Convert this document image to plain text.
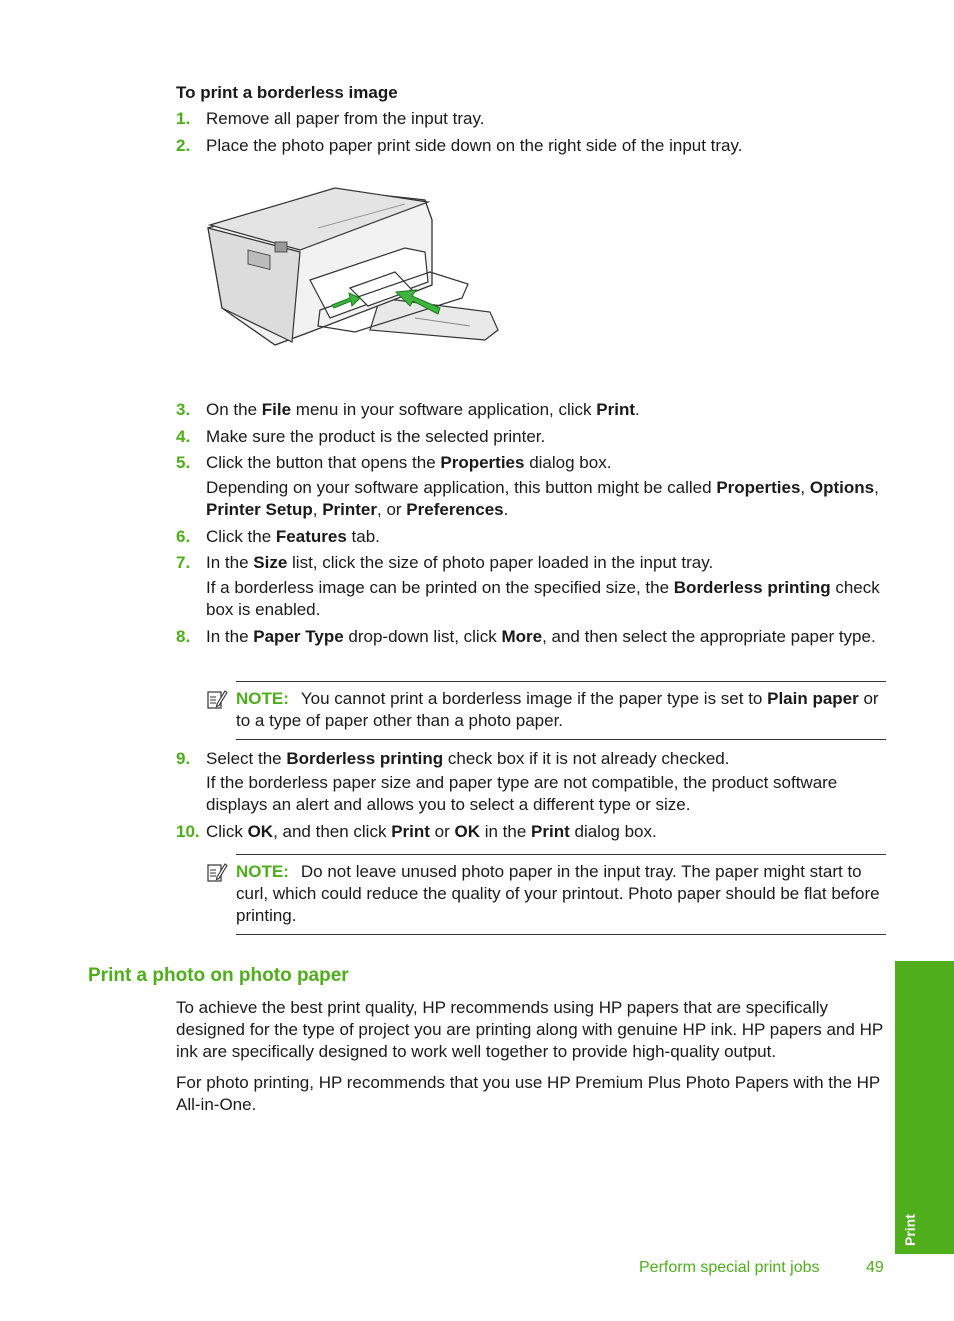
To print a borderless image
1. Remove all paper from the input tray.
2. Place the photo paper print side down on the right side of the input tray.
3. On the File menu in your software application, click Print.
4. Make sure the product is the selected printer.
5. Click the button that opens the Properties dialog box.
Depending on your software application, this button might be called Properties, Options, Printer Setup, Printer, or Preferences.
6. Click the Features tab.
7. In the Size list, click the size of photo paper loaded in the input tray.
If a borderless image can be printed on the specified size, the Borderless printing check box is enabled.
8. In the Paper Type drop-down list, click More, and then select the appropriate paper type.
NOTE: You cannot print a borderless image if the paper type is set to Plain paper or to a type of paper other than a photo paper.
9. Select the Borderless printing check box if it is not already checked.
If the borderless paper size and paper type are not compatible, the product software displays an alert and allows you to select a different type or size.
10. Click OK, and then click Print or OK in the Print dialog box.
NOTE: Do not leave unused photo paper in the input tray. The paper might start to curl, which could reduce the quality of your printout. Photo paper should be flat before printing.
Print a photo on photo paper
To achieve the best print quality, HP recommends using HP papers that are specifically designed for the type of project you are printing along with genuine HP ink. HP papers and HP ink are specifically designed to work well together to provide high-quality output.
For photo printing, HP recommends that you use HP Premium Plus Photo Papers with the HP All-in-One.
Print
Perform special print jobs	49
